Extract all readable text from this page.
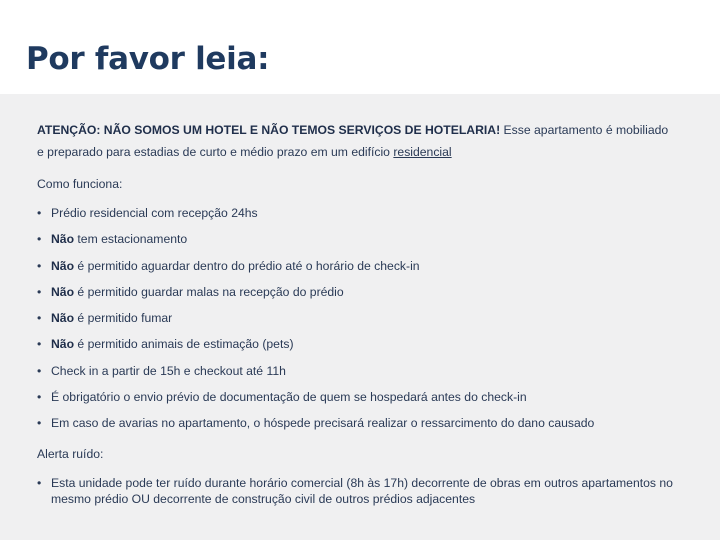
Por favor leia:

ATENÇÃO: NÃO SOMOS UM HOTEL E NÃO TEMOS SERVIÇOS DE HOTELARIA! Esse apartamento é mobiliado e preparado para estadias de curto e médio prazo em um edifício residencial

Como funciona:

• Prédio residencial com recepção 24hs
• Não tem estacionamento
• Não é permitido aguardar dentro do prédio até o horário de check-in
• Não é permitido guardar malas na recepção do prédio
• Não é permitido fumar
• Não é permitido animais de estimação (pets)
• Check in a partir de 15h e checkout até 11h
• É obrigatório o envio prévio de documentação de quem se hospedará antes do check-in
• Em caso de avarias no apartamento, o hóspede precisará realizar o ressarcimento do dano causado

Alerta ruído:

• Esta unidade pode ter ruído durante horário comercial (8h às 17h) decorrente de obras em outros apartamentos no mesmo prédio OU decorrente de construção civil de outros prédios adjacentes
